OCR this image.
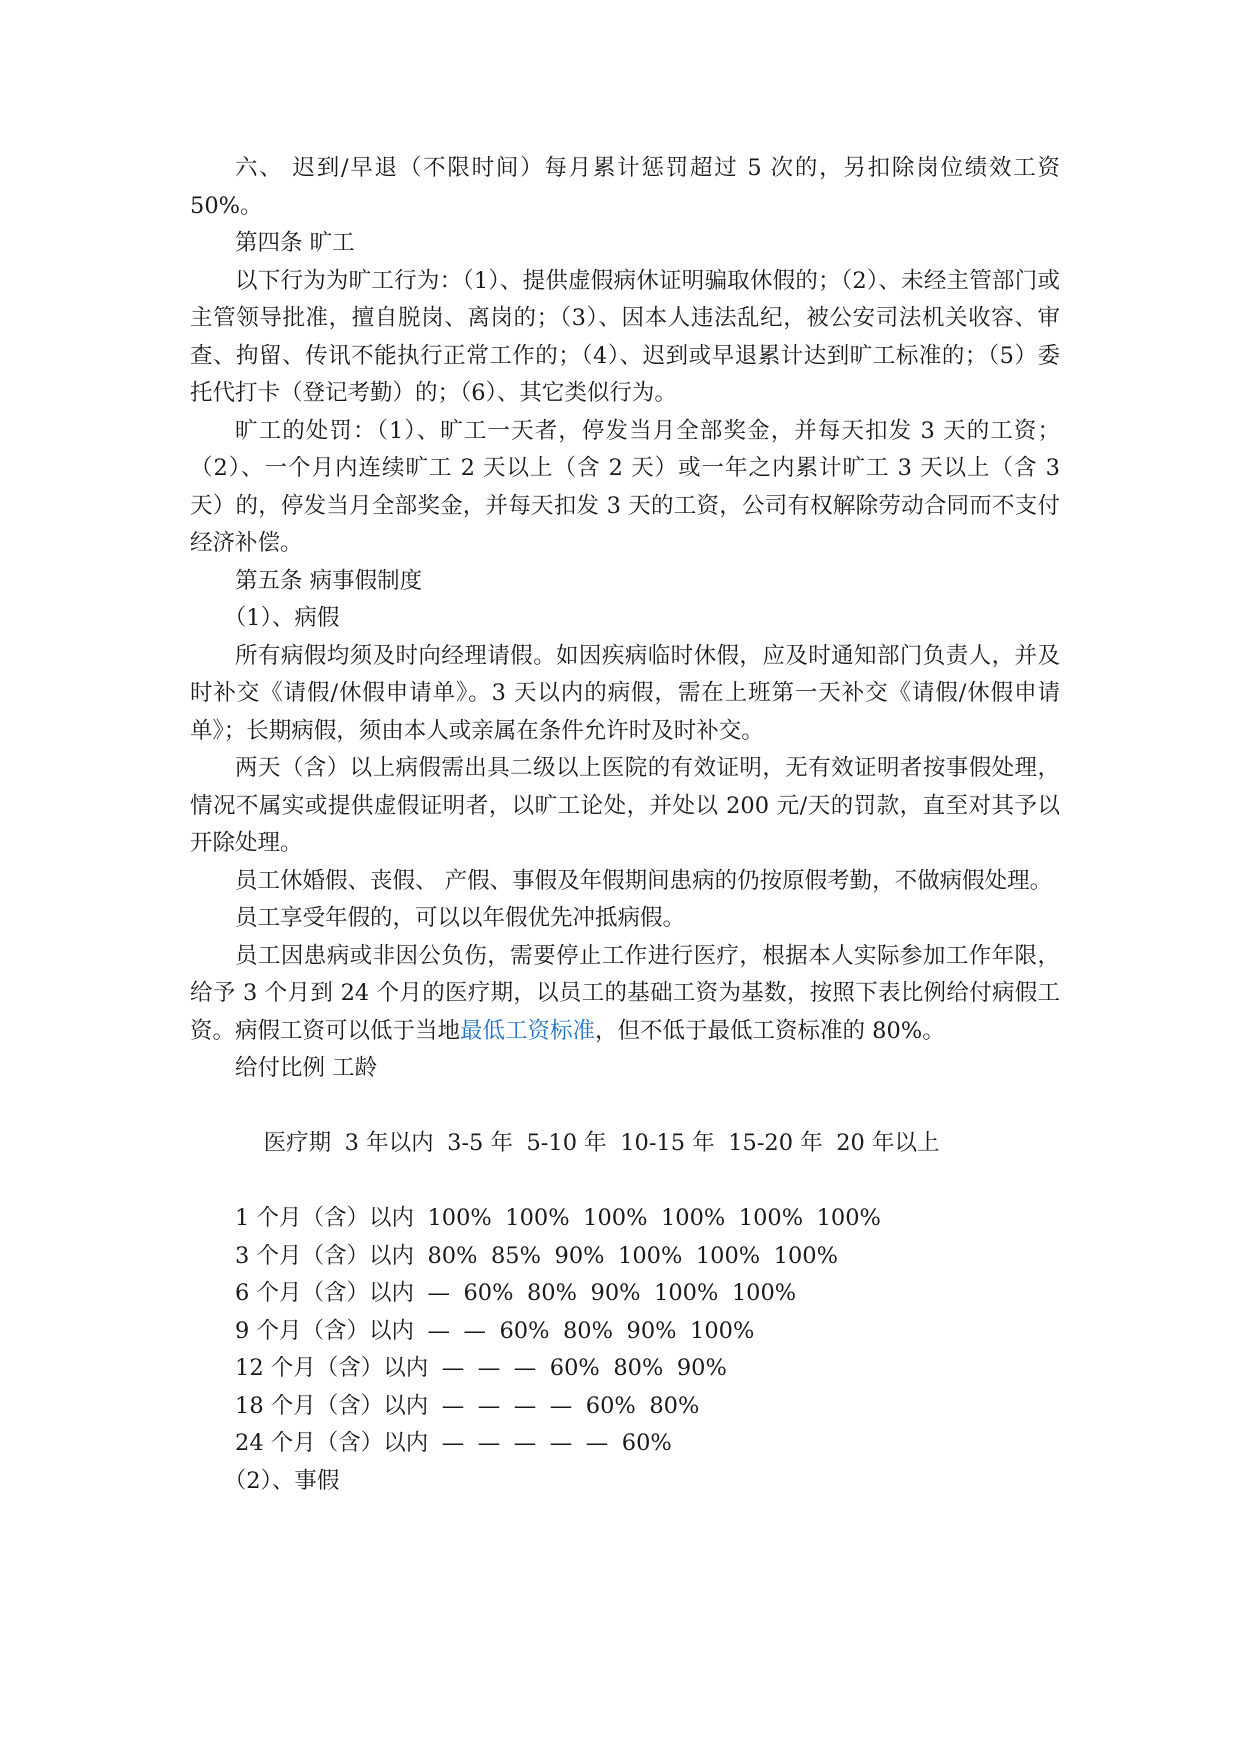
六、 迟到/早退（不限时间）每月累计惩罚超过 5 次的，另扣除岗位绩效工资 50%。

第四条 旷工

以下行为为旷工行为：（1）、提供虚假病休证明骗取休假的；（2）、未经主管部门或主管领导批准，擅自脱岗、离岗的；（3）、因本人违法乱纪，被公安司法机关收容、审查、拘留、传讯不能执行正常工作的；（4）、迟到或早退累计达到旷工标准的；（5）委托代打卡（登记考勤）的；（6）、其它类似行为。

旷工的处罚：（1）、旷工一天者，停发当月全部奖金，并每天扣发 3 天的工资；（2）、一个月内连续旷工 2 天以上（含 2 天）或一年之内累计旷工 3 天以上（含 3 天）的，停发当月全部奖金，并每天扣发 3 天的工资，公司有权解除劳动合同而不支付经济补偿。

第五条 病事假制度

（1）、病假

所有病假均须及时向经理请假。如因疾病临时休假，应及时通知部门负责人，并及时补交《请假/休假申请单》。3 天以内的病假，需在上班第一天补交《请假/休假申请单》；长期病假，须由本人或亲属在条件允许时及时补交。

两天（含）以上病假需出具二级以上医院的有效证明，无有效证明者按事假处理，情况不属实或提供虚假证明者，以旷工论处，并处以 200 元/天的罚款，直至对其予以开除处理。

员工休婚假、丧假、 产假、事假及年假期间患病的仍按原假考勤，不做病假处理。

员工享受年假的，可以以年假优先冲抵病假。

员工因患病或非因公负伤，需要停止工作进行医疗，根据本人实际参加工作年限，给予 3 个月到 24 个月的医疗期，以员工的基础工资为基数，按照下表比例给付病假工资。病假工资可以低于当地最低工资标准，但不低于最低工资标准的 80%。

给付比例 工龄

医疗期 3 年以内 3-5 年 5-10 年 10-15 年 15-20 年 20 年以上

1 个月（含）以内 100% 100% 100% 100% 100% 100%

3 个月（含）以内 80% 85% 90% 100% 100% 100%

6 个月（含）以内 — 60% 80% 90% 100% 100%

9 个月（含）以内 — — 60% 80% 90% 100%

12 个月（含）以内 — — — 60% 80% 90%

18 个月（含）以内 — — — — 60% 80%

24 个月（含）以内 — — — — — 60%

（2）、事假
